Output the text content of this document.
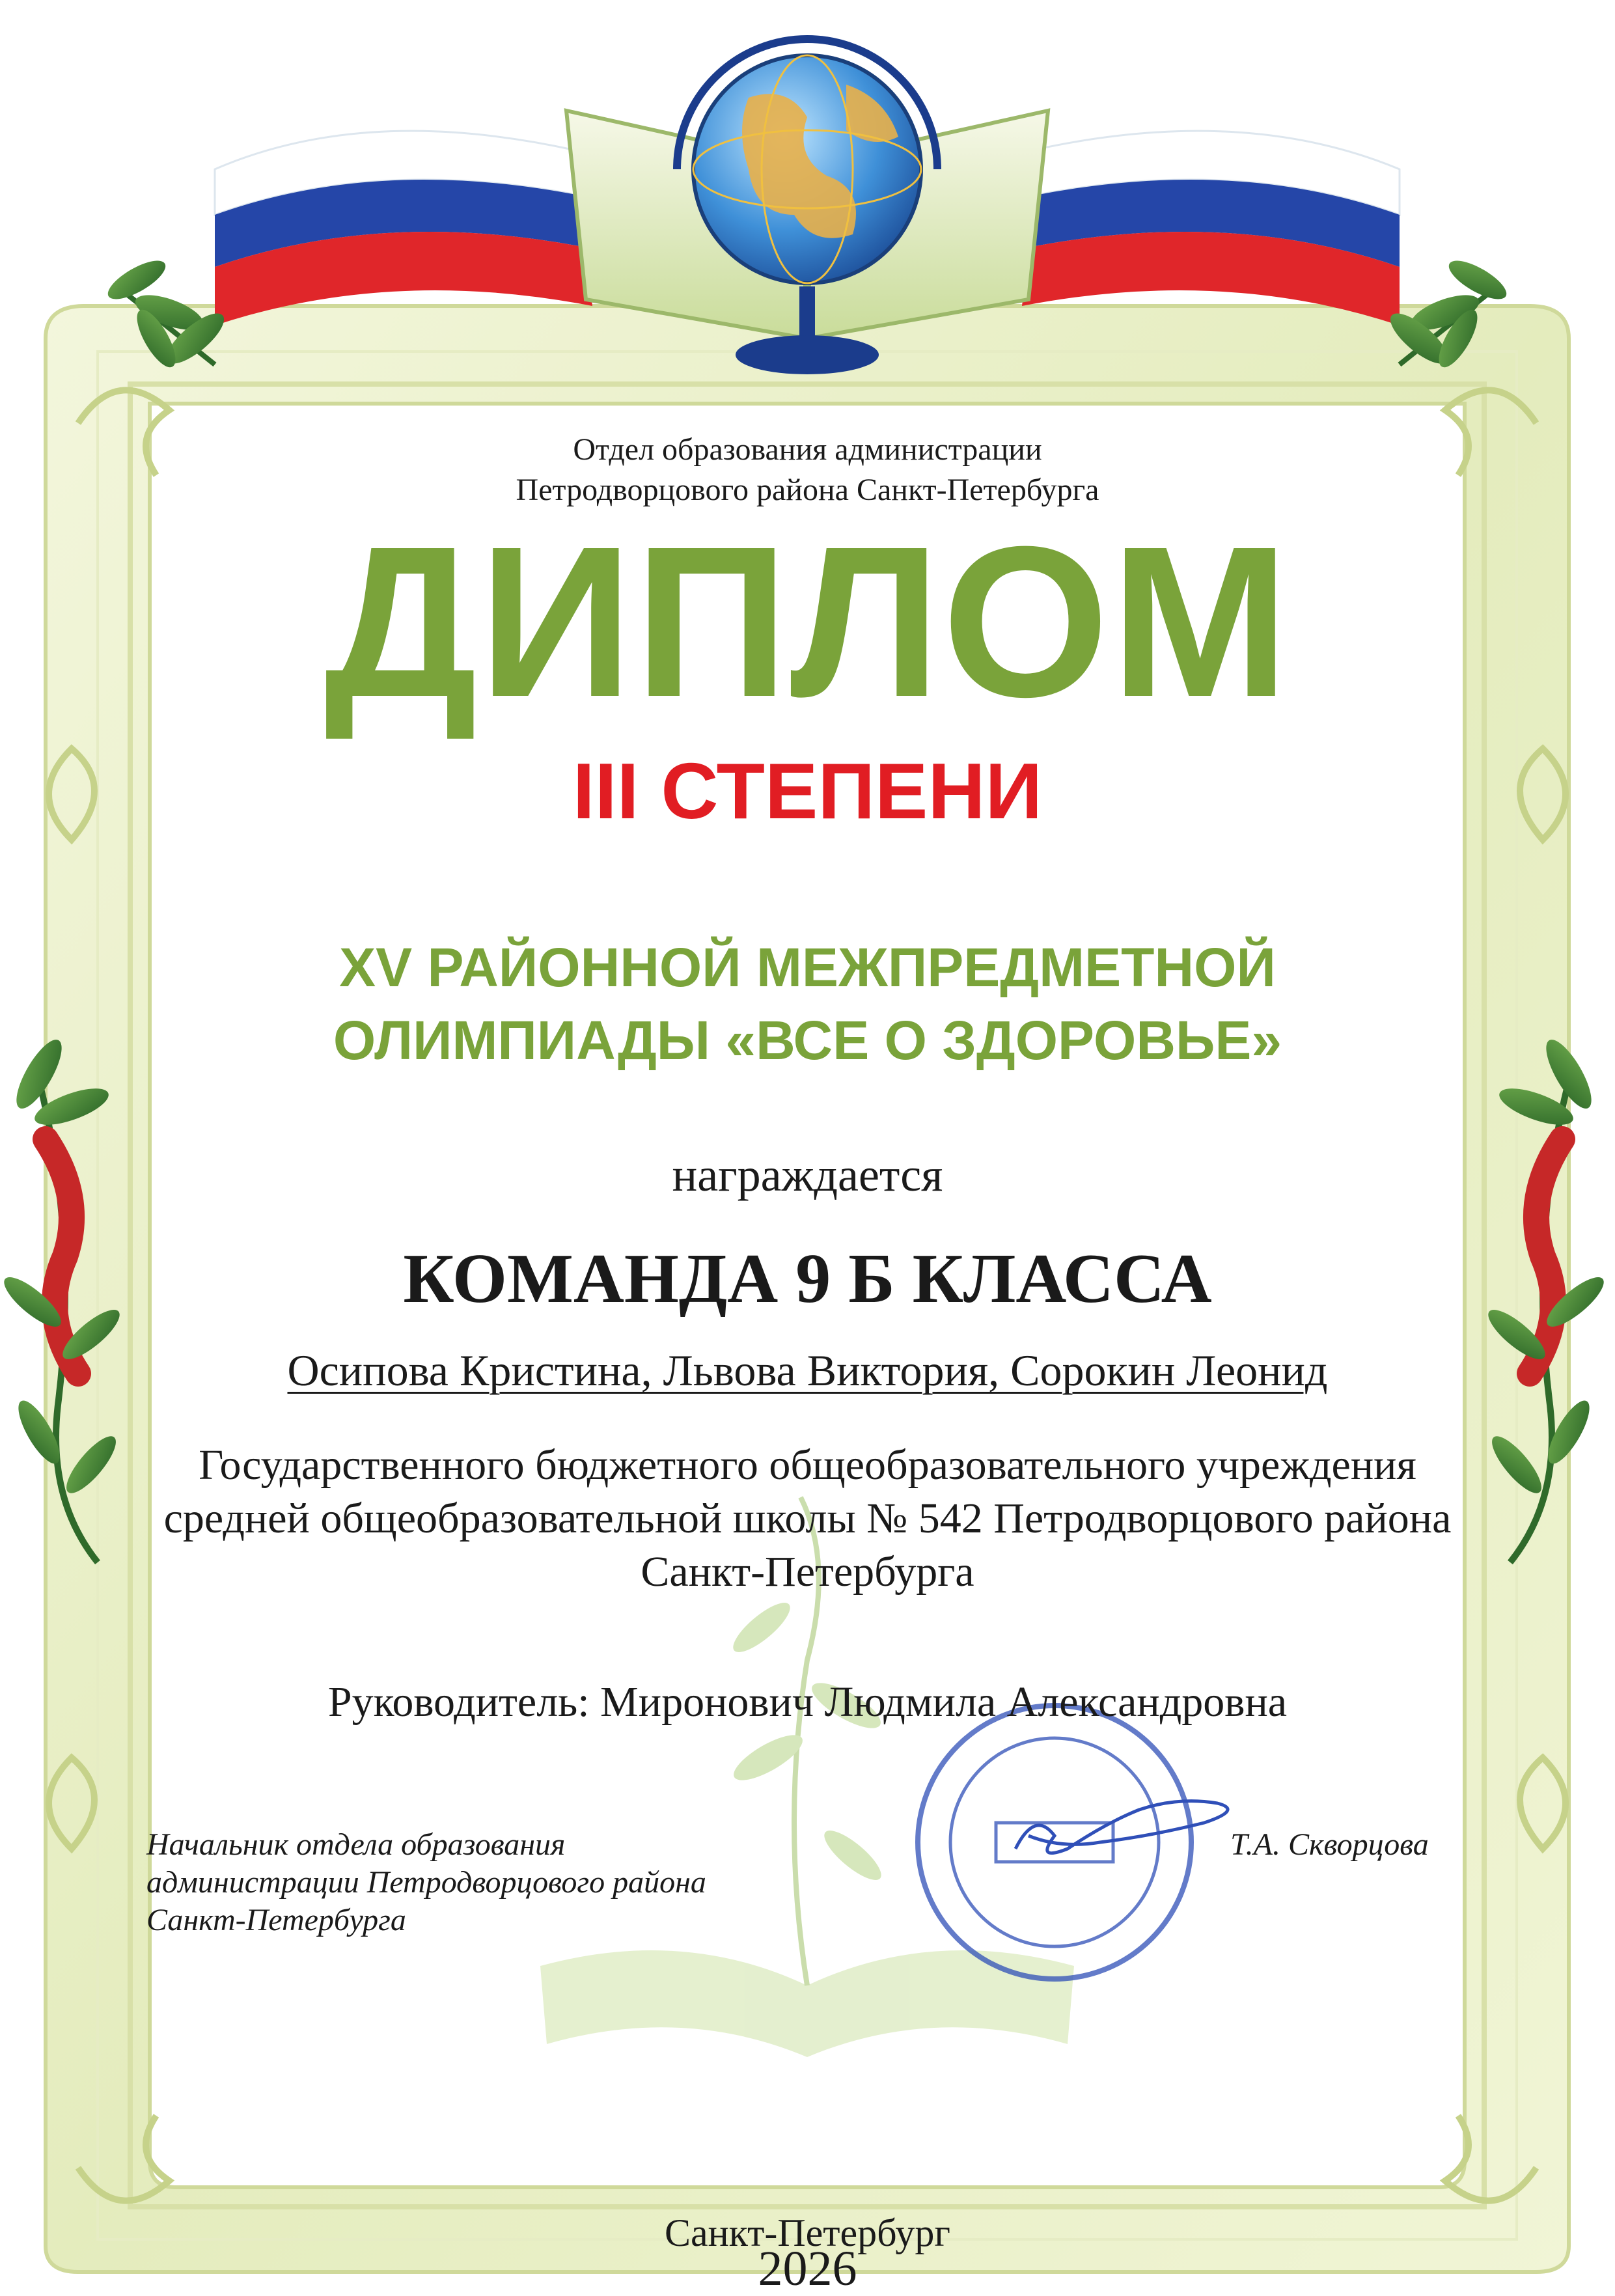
Отдел образования администрации
Петродворцового района Санкт-Петербурга
ДИПЛОМ
III СТЕПЕНИ
XV РАЙОННОЙ МЕЖПРЕДМЕТНОЙ
ОЛИМПИАДЫ «ВСЕ О ЗДОРОВЬЕ»
награждается
КОМАНДА 9 Б КЛАССА
Осипова Кристина, Львова Виктория, Сорокин Леонид
Государственного бюджетного общеобразовательного учреждения
средней общеобразовательной школы № 542 Петродворцового района
Санкт-Петербурга
Руководитель: Миронович Людмила Александровна
Начальник отдела образования
администрации Петродворцового района
Санкт-Петербурга
Т.А. Скворцова
Санкт-Петербург
2026
